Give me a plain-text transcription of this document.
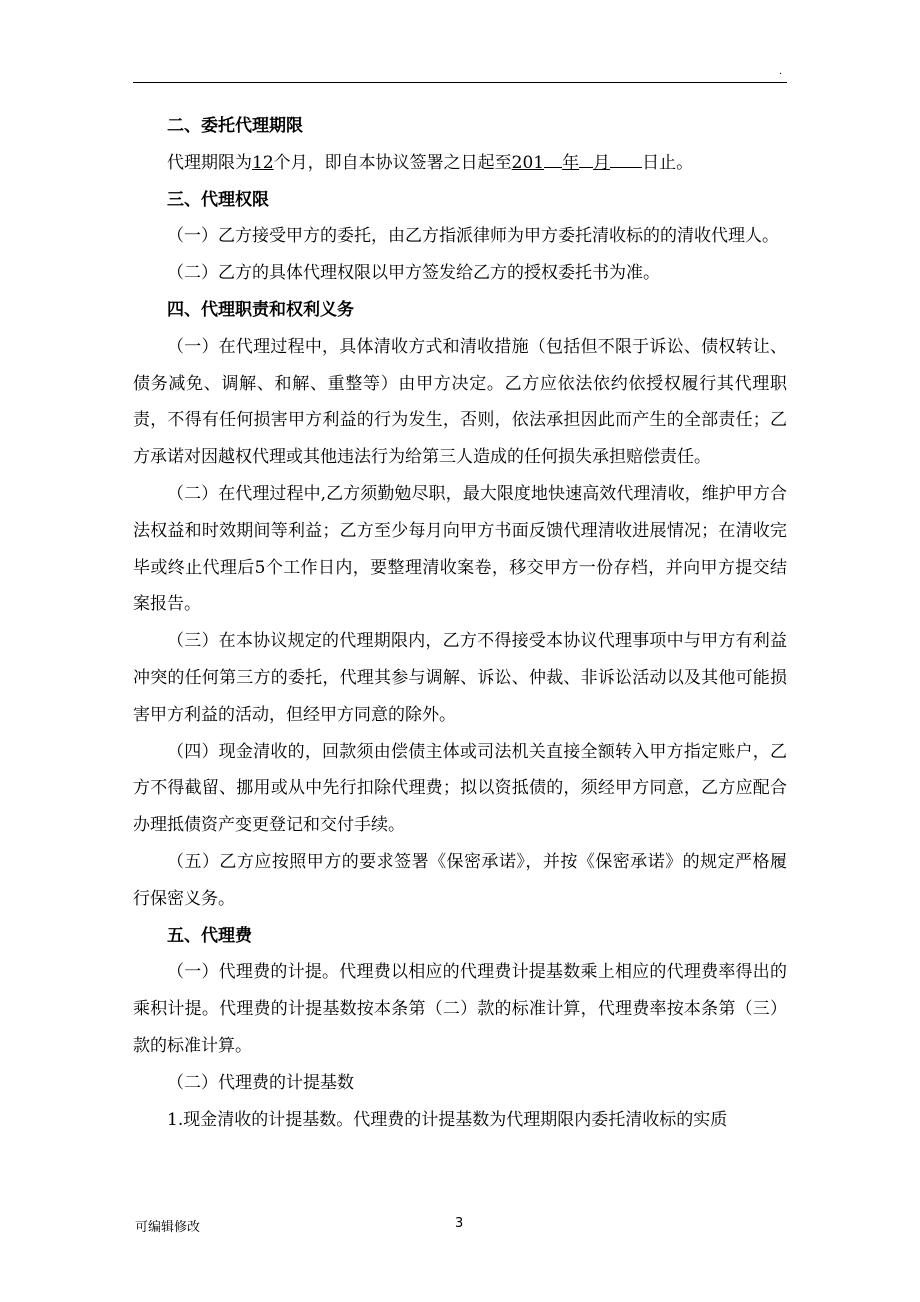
.

二、委托代理期限

代理期限为12个月，即自本协议签署之日起至201 年 月 日止。

三、代理权限

（一）乙方接受甲方的委托，由乙方指派律师为甲方委托清收标的的清收代理人。

（二）乙方的具体代理权限以甲方签发给乙方的授权委托书为准。

四、代理职责和权利义务

（一）在代理过程中，具体清收方式和清收措施（包括但不限于诉讼、债权转让、债务减免、调解、和解、重整等）由甲方决定。乙方应依法依约依授权履行其代理职责，不得有任何损害甲方利益的行为发生，否则，依法承担因此而产生的全部责任；乙方承诺对因越权代理或其他违法行为给第三人造成的任何损失承担赔偿责任。

（二）在代理过程中,乙方须勤勉尽职，最大限度地快速高效代理清收，维护甲方合法权益和时效期间等利益；乙方至少每月向甲方书面反馈代理清收进展情况；在清收完毕或终止代理后5个工作日内，要整理清收案卷，移交甲方一份存档，并向甲方提交结案报告。

（三）在本协议规定的代理期限内，乙方不得接受本协议代理事项中与甲方有利益冲突的任何第三方的委托，代理其参与调解、诉讼、仲裁、非诉讼活动以及其他可能损害甲方利益的活动，但经甲方同意的除外。

（四）现金清收的，回款须由偿债主体或司法机关直接全额转入甲方指定账户，乙方不得截留、挪用或从中先行扣除代理费；拟以资抵债的，须经甲方同意，乙方应配合办理抵债资产变更登记和交付手续。

（五）乙方应按照甲方的要求签署《保密承诺》，并按《保密承诺》的规定严格履行保密义务。

五、代理费

（一）代理费的计提。代理费以相应的代理费计提基数乘上相应的代理费率得出的乘积计提。代理费的计提基数按本条第（二）款的标准计算，代理费率按本条第（三）款的标准计算。

（二）代理费的计提基数

1.现金清收的计提基数。代理费的计提基数为代理期限内委托清收标的实质

可编辑修改	3
